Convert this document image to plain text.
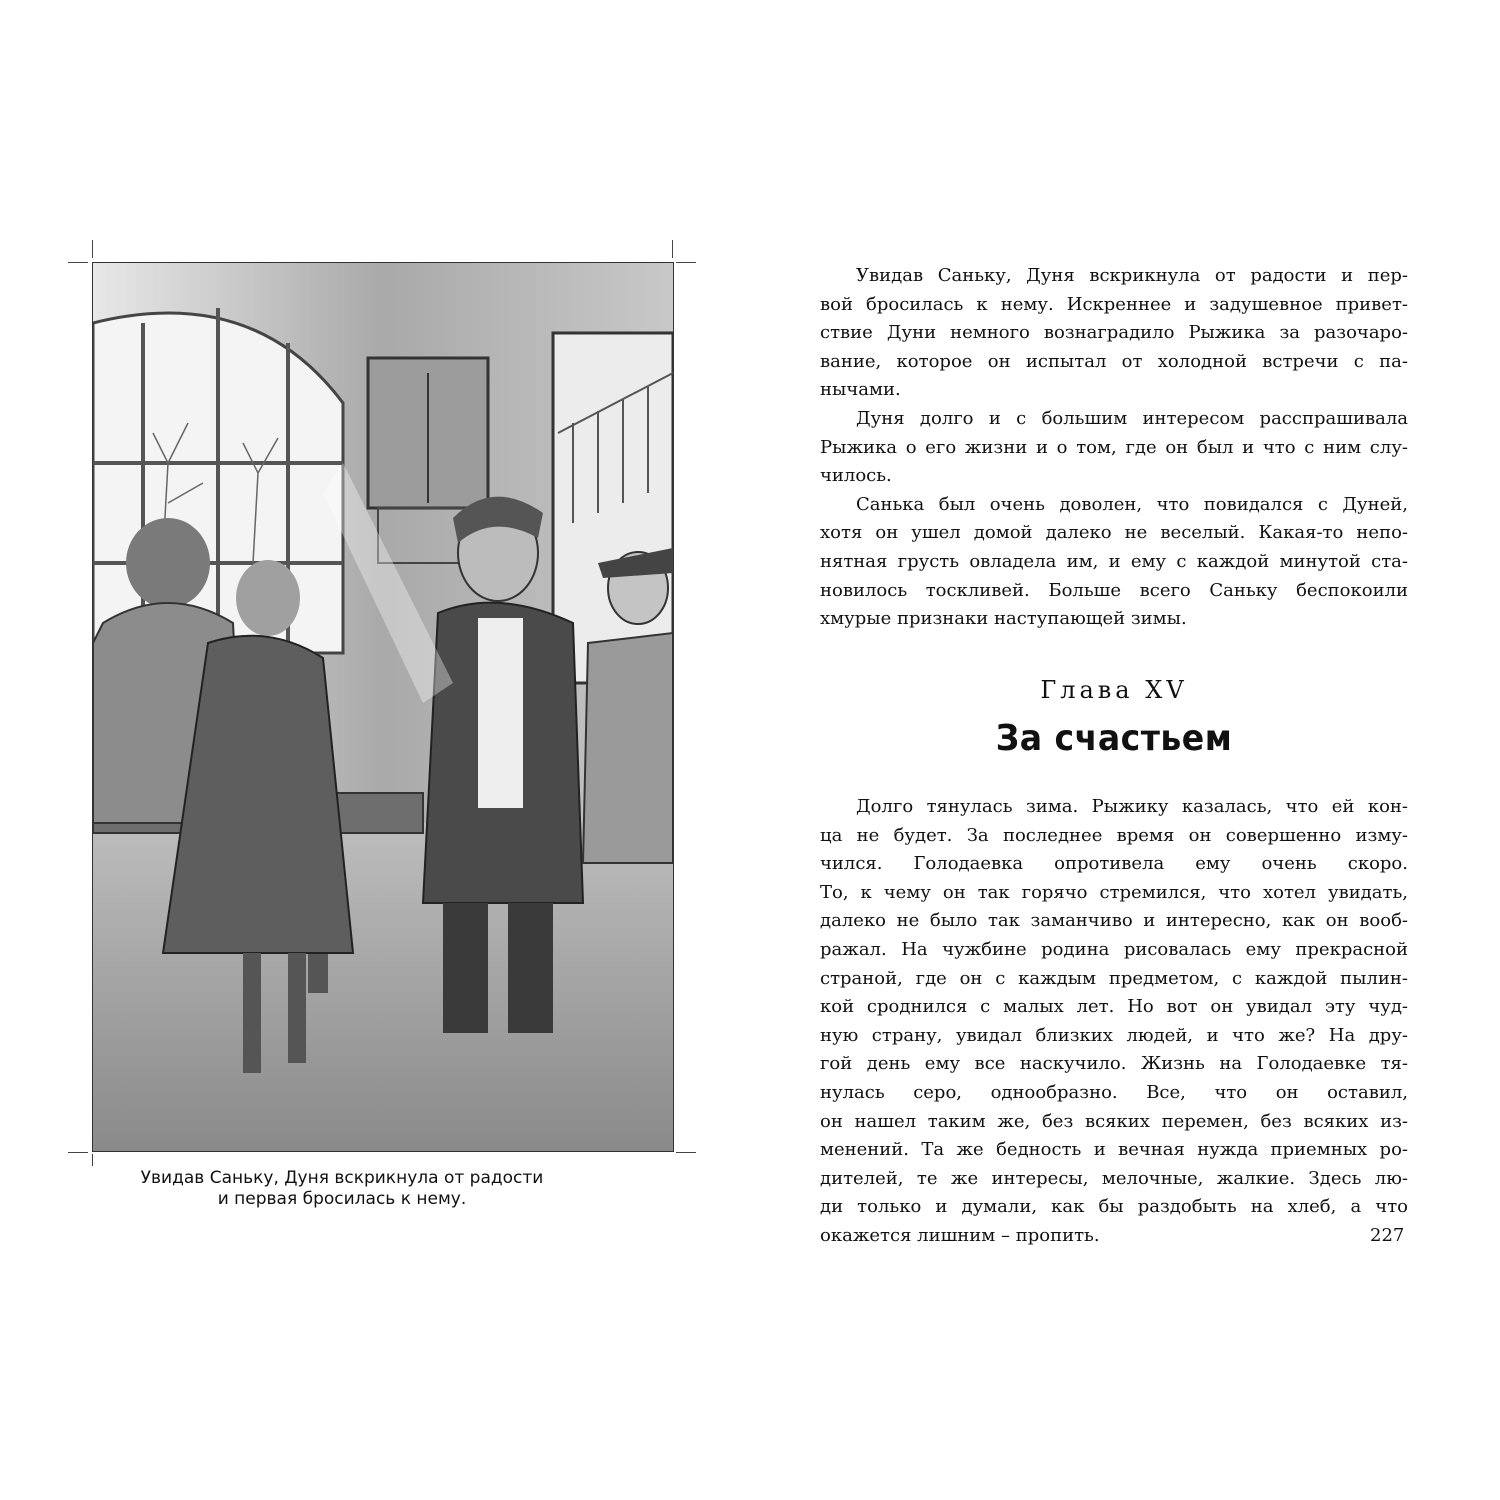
Увидав Саньку, Дуня вскрикнула от радости
и первая бросилась к нему.
Увидав Саньку, Дуня вскрикнула от радости и пер-
вой бросилась к нему. Искреннее и задушевное привет-
ствие Дуни немного вознаградило Рыжика за разочаро-
вание, которое он испытал от холодной встречи с па-
нычами.
Дуня долго и с большим интересом расспрашивала
Рыжика о его жизни и о том, где он был и что с ним слу-
чилось.
Санька был очень доволен, что повидался с Дуней,
хотя он ушел домой далеко не веселый. Какая-то непо-
нятная грусть овладела им, и ему с каждой минутой ста-
новилось тоскливей. Больше всего Саньку беспокоили
хмурые признаки наступающей зимы.
Глава XV
За счастьем
Долго тянулась зима. Рыжику казалась, что ей кон-
ца не будет. За последнее время он совершенно изму-
чился. Голодаевка опротивела ему очень скоро.
То, к чему он так горячо стремился, что хотел увидать,
далеко не было так заманчиво и интересно, как он вооб-
ражал. На чужбине родина рисовалась ему прекрасной
страной, где он с каждым предметом, с каждой пылин-
кой сроднился с малых лет. Но вот он увидал эту чуд-
ную страну, увидал близких людей, и что же? На дру-
гой день ему все наскучило. Жизнь на Голодаевке тя-
нулась серо, однообразно. Все, что он оставил,
он нашел таким же, без всяких перемен, без всяких из-
менений. Та же бедность и вечная нужда приемных ро-
дителей, те же интересы, мелочные, жалкие. Здесь лю-
ди только и думали, как бы раздобыть на хлеб, а что
окажется лишним – пропить.	227
